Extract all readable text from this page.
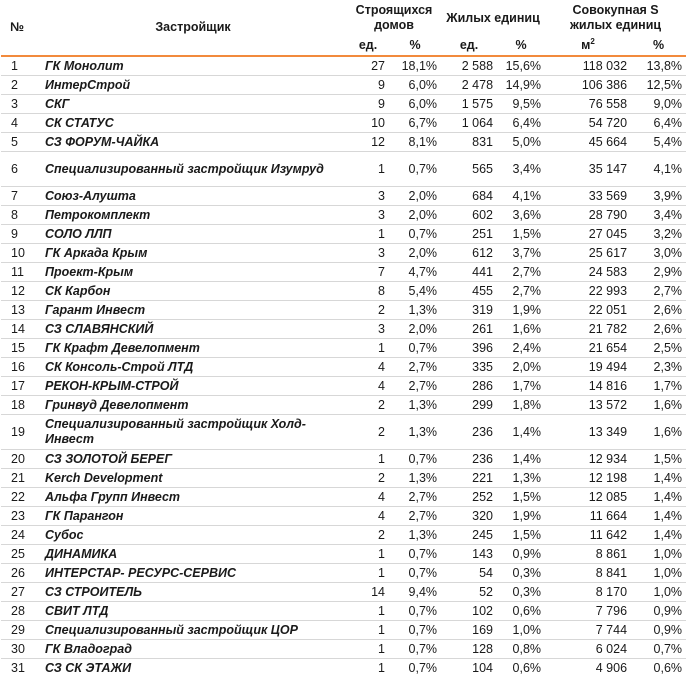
№	Застройщик	Строящихся домов		Жилых единиц		Совокупная S
жилых единиц	
		ед.	%	ед.	%	$м^2$	%
1	ГК Монолит	27	18,1%	2 588	15,6%	118 032	13,8%
2	ИнтерСтрой	9	6,0%	2 478	14,9%	106 386	12,5%
3	СКГ	9	6,0%	1 575	9,5%	76 558	9,0%
4	СК СТАТУС	10	6,7%	1 064	6,4%	54 720	6,4%
5	СЗ ФОРУМ-ЧАЙКА	12	8,1%	831	5,0%	45 664	5,4%
6	Специализированный застройщик Изумруд	1	0,7%	565	3,4%	35 147	4,1%
7	Союз-Алушта	3	2,0%	684	4,1%	33 569	3,9%
8	Петрокомплект	3	2,0%	602	3,6%	28 790	3,4%
9	СОЛО ЛЛП	1	0,7%	251	1,5%	27 045	3,2%
10	ГК Аркада Крым	3	2,0%	612	3,7%	25 617	3,0%
11	Проект-Крым	7	4,7%	441	2,7%	24 583	2,9%
12	СК Карбон	8	5,4%	455	2,7%	22 993	2,7%
13	Гарант Инвест	2	1,3%	319	1,9%	22 051	2,6%
14	СЗ СЛАВЯНСКИЙ	3	2,0%	261	1,6%	21 782	2,6%
15	ГК Крафт Девелопмент	1	0,7%	396	2,4%	21 654	2,5%
16	СК Консоль-Строй ЛТД	4	2,7%	335	2,0%	19 494	2,3%
17	РЕКОН-КРЫМ-СТРОЙ	4	2,7%	286	1,7%	14 816	1,7%
18	Гринвуд Девелопмент	2	1,3%	299	1,8%	13 572	1,6%
19	Специализированный застройщик Холд-Инвест	2	1,3%	236	1,4%	13 349	1,6%
20	СЗ ЗОЛОТОЙ БЕРЕГ	1	0,7%	236	1,4%	12 934	1,5%
21	Kerch Development	2	1,3%	221	1,3%	12 198	1,4%
22	Альфа Групп Инвест	4	2,7%	252	1,5%	12 085	1,4%
23	ГК Парангон	4	2,7%	320	1,9%	11 664	1,4%
24	Субос	2	1,3%	245	1,5%	11 642	1,4%
25	ДИНАМИКА	1	0,7%	143	0,9%	8 861	1,0%
26	ИНТЕРСТАР- РЕСУРС-СЕРВИС	1	0,7%	54	0,3%	8 841	1,0%
27	СЗ СТРОИТЕЛЬ	14	9,4%	52	0,3%	8 170	1,0%
28	СВИТ ЛТД	1	0,7%	102	0,6%	7 796	0,9%
29	Специализированный застройщик ЦОР	1	0,7%	169	1,0%	7 744	0,9%
30	ГК Владоград	1	0,7%	128	0,8%	6 024	0,7%
31	СЗ СК ЭТАЖИ	1	0,7%	104	0,6%	4 906	0,6%
